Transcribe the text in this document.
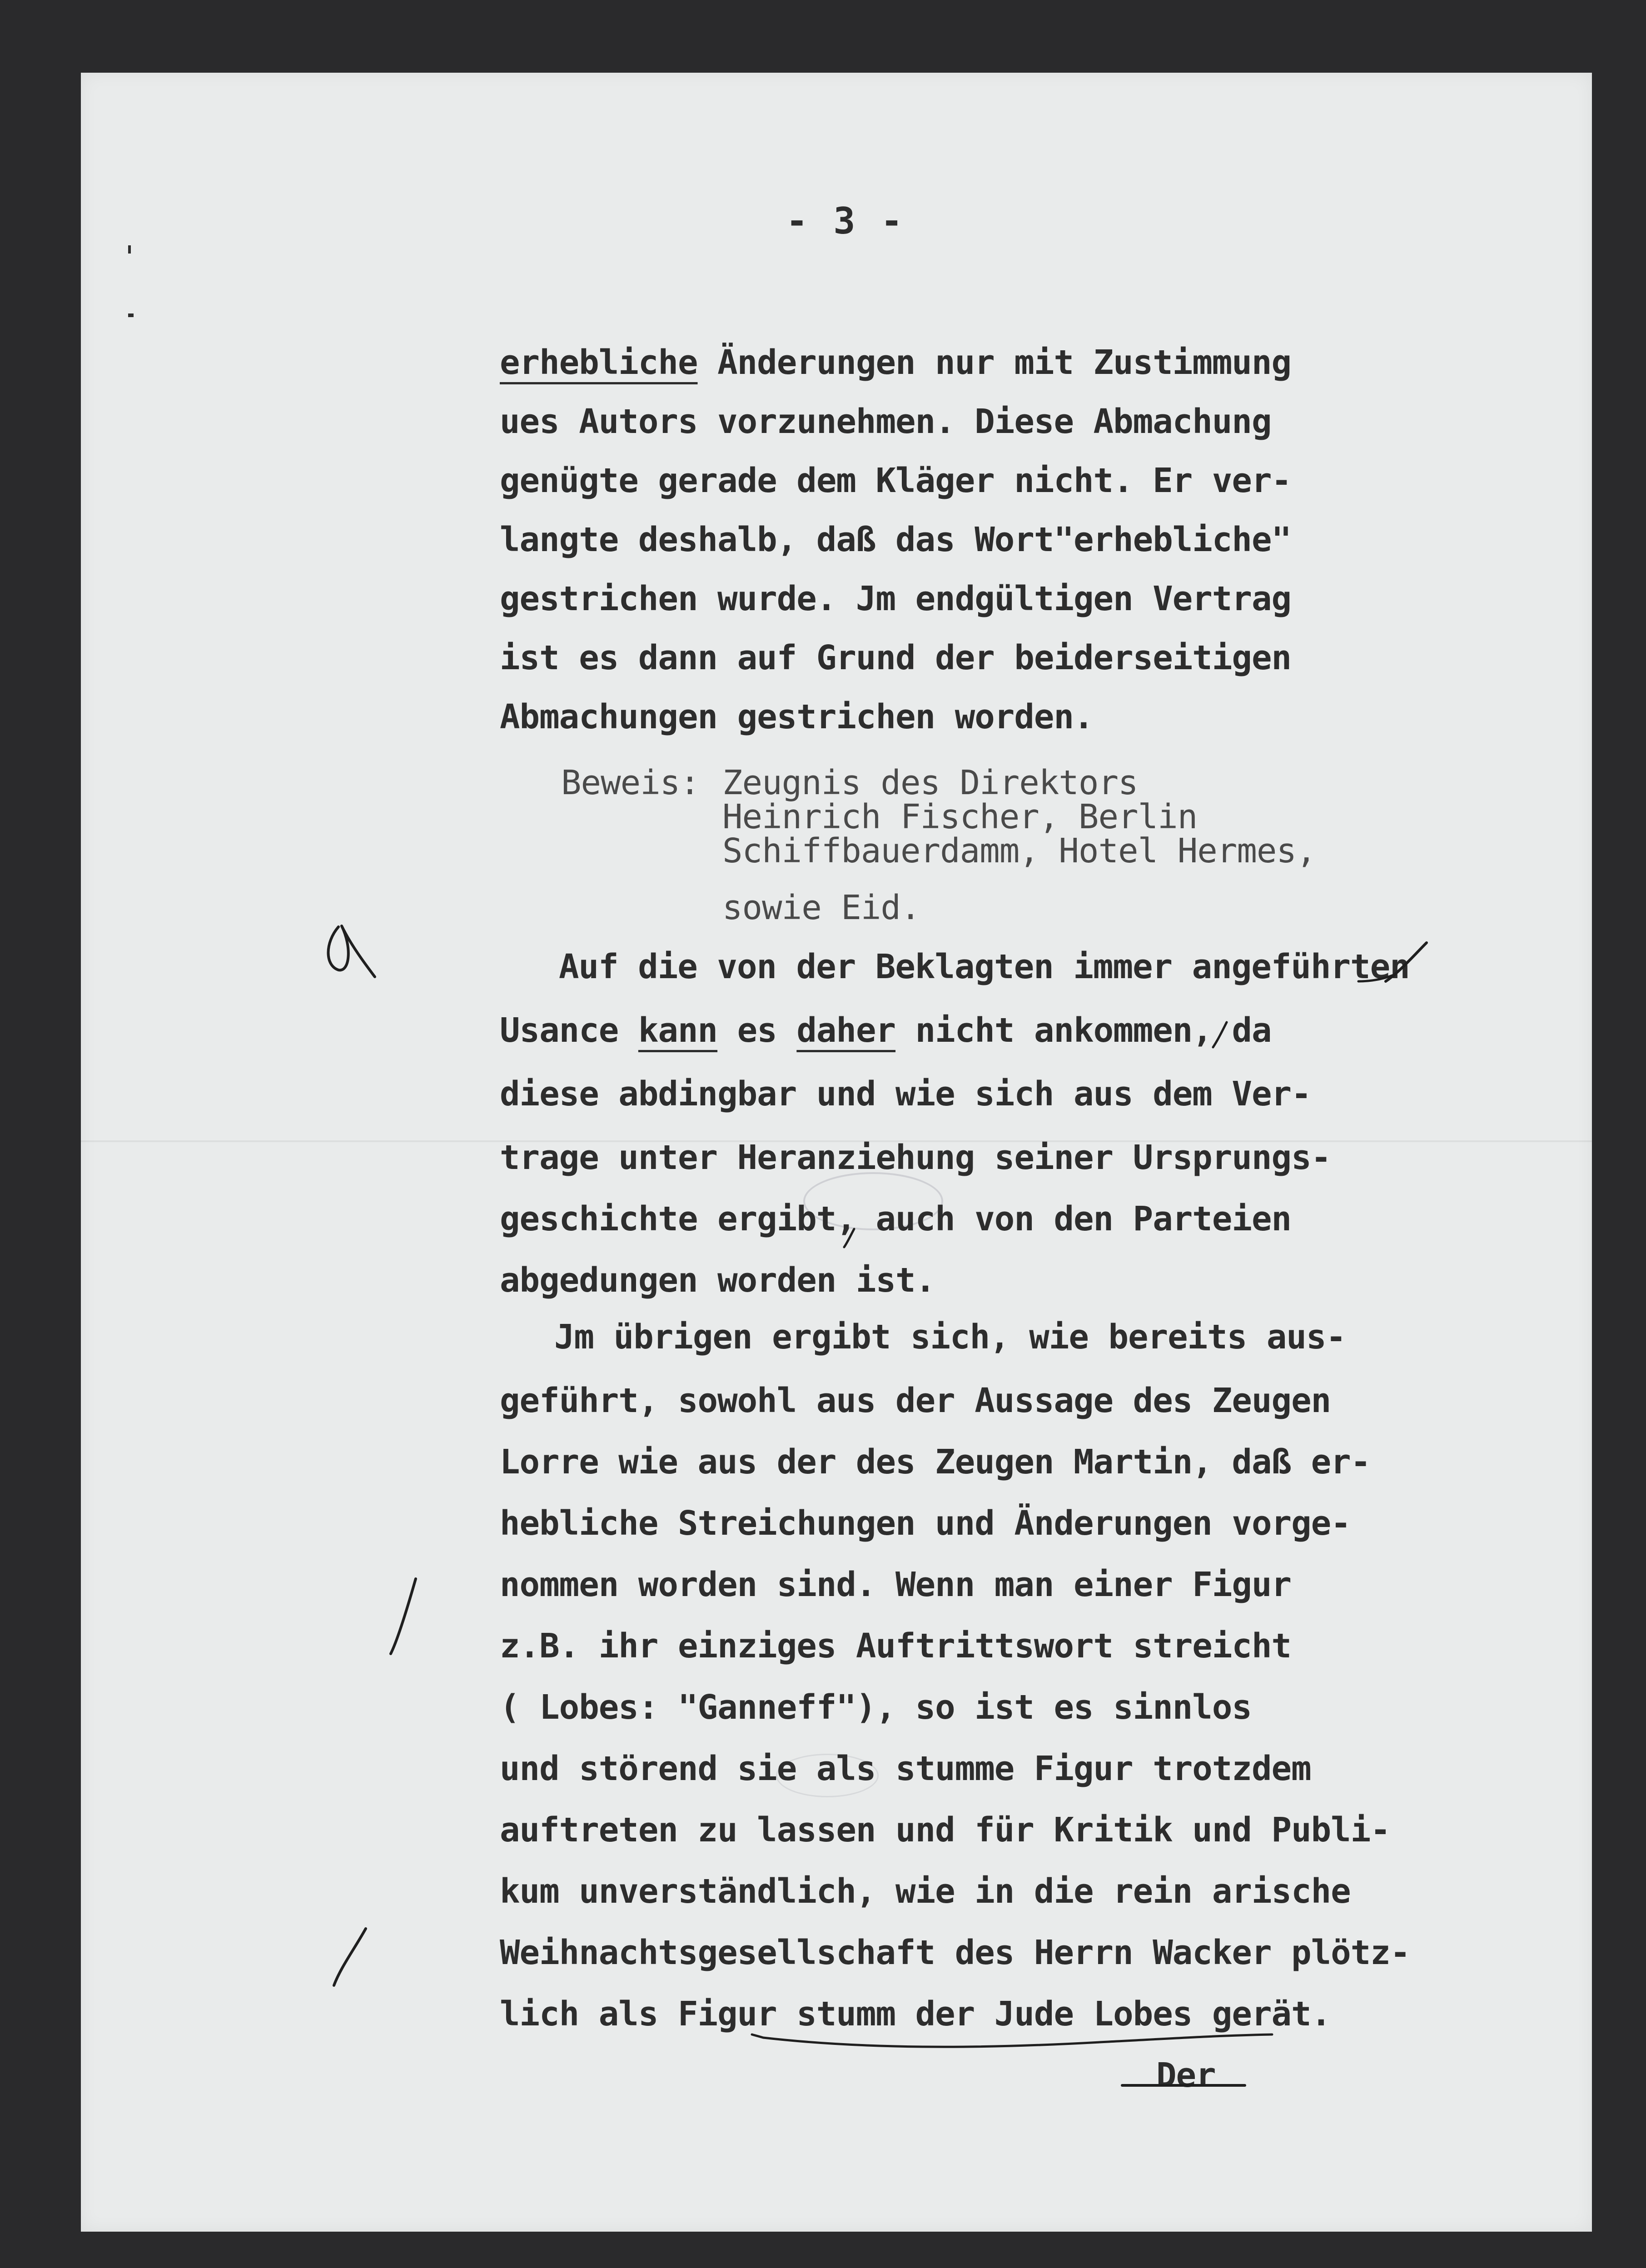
- 3 -
erhebliche Änderungen nur mit Zustimmung
ues Autors vorzunehmen. Diese Abmachung
genügte gerade dem Kläger nicht. Er ver-
langte deshalb, daß das Wort"erhebliche"
gestrichen wurde. Jm endgültigen Vertrag
ist es dann auf Grund der beiderseitigen
Abmachungen gestrichen worden.
Beweis: Zeugnis des Direktors
Heinrich Fischer, Berlin
Schiffbauerdamm, Hotel Hermes,
sowie Eid.
Auf die von der Beklagten immer angeführten
Usance kann es daher nicht ankommen, da
diese abdingbar und wie sich aus dem Ver-
trage unter Heranziehung seiner Ursprungs-
geschichte ergibt, auch von den Parteien
abgedungen worden ist.
Jm übrigen ergibt sich, wie bereits aus-
geführt, sowohl aus der Aussage des Zeugen
Lorre wie aus der des Zeugen Martin, daß er-
hebliche Streichungen und Änderungen vorge-
nommen worden sind. Wenn man einer Figur
z.B. ihr einziges Auftrittswort streicht
( Lobes: "Ganneff"), so ist es sinnlos
und störend sie als stumme Figur trotzdem
auftreten zu lassen und für Kritik und Publi-
kum unverständlich, wie in die rein arische
Weihnachtsgesellschaft des Herrn Wacker plötz-
lich als Figur stumm der Jude Lobes gerät.
Der
